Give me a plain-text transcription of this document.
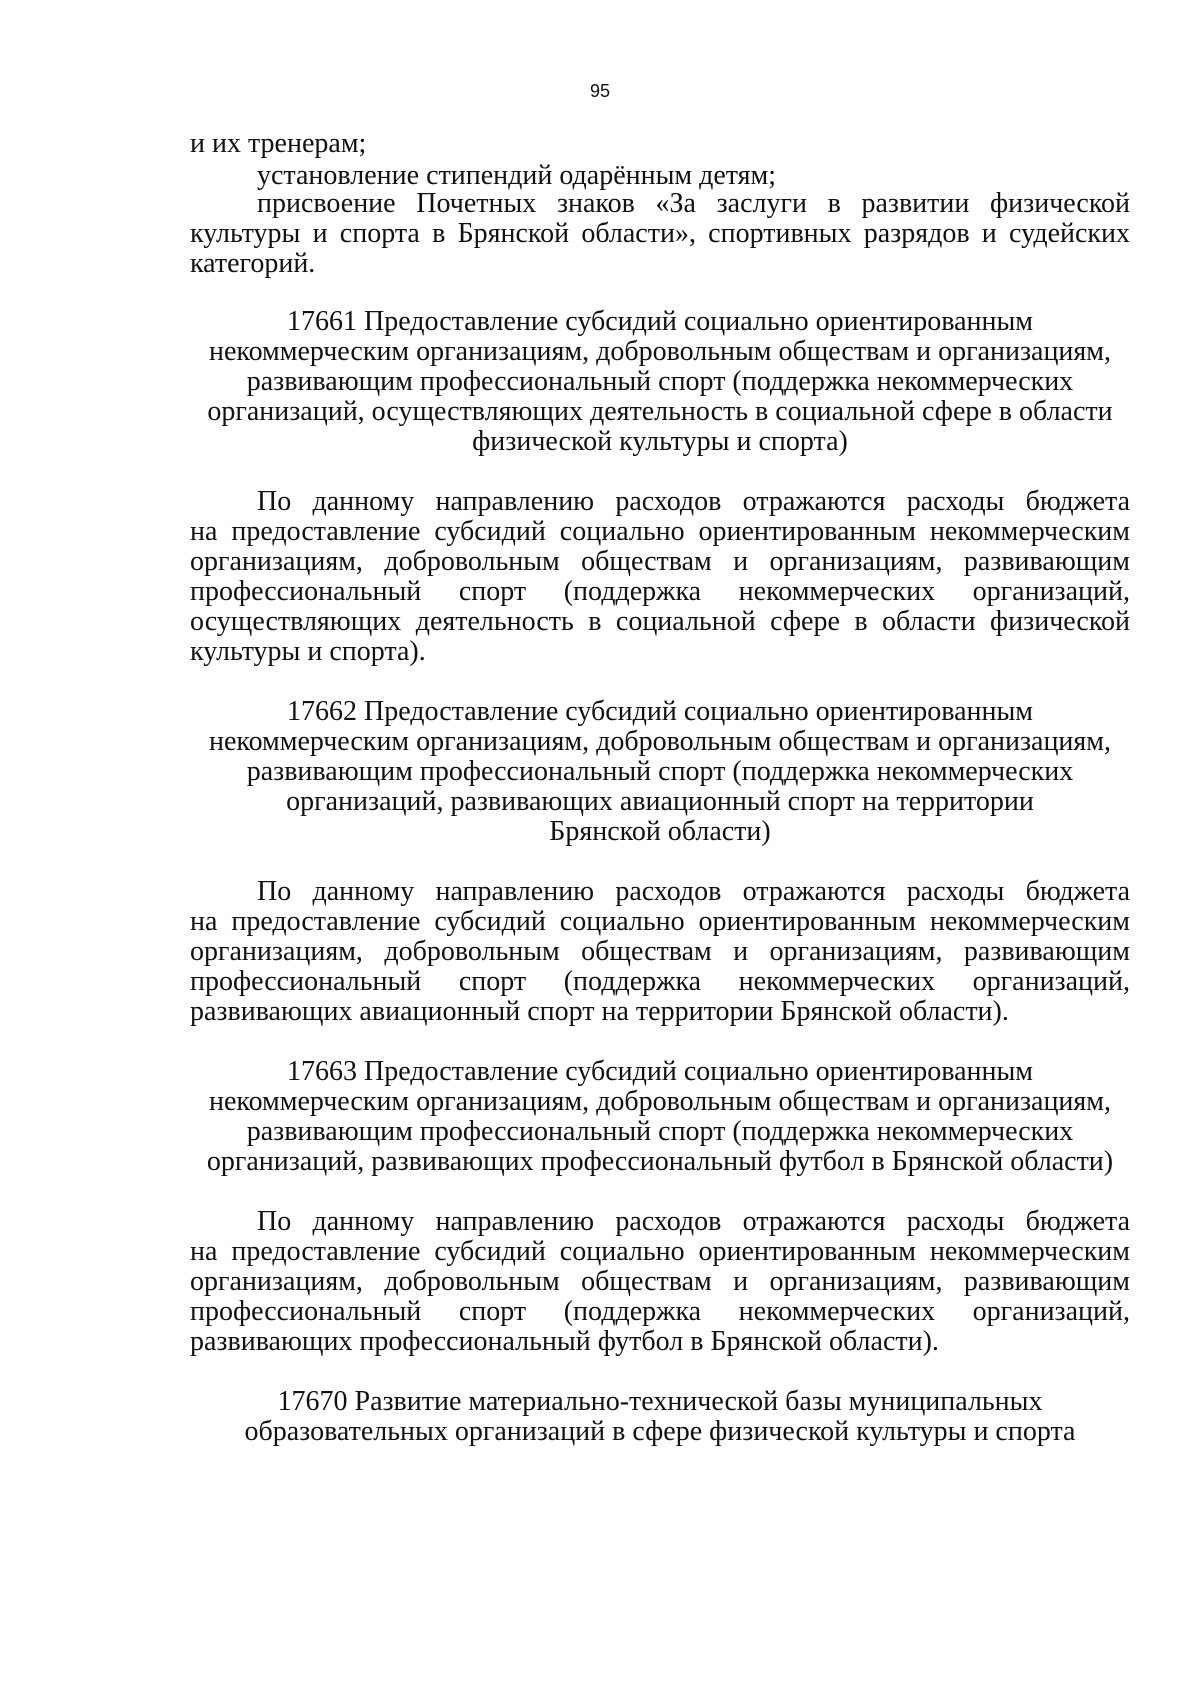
95
и их тренерам;
установление стипендий одарённым детям;
присвоение Почетных знаков «За заслуги в развитии физической
культуры и спорта в Брянской области», спортивных разрядов и судейских
категорий.
17661 Предоставление субсидий социально ориентированным
некоммерческим организациям, добровольным обществам и организациям,
развивающим профессиональный спорт (поддержка некоммерческих
организаций, осуществляющих деятельность в социальной сфере в области
физической культуры и спорта)
По данному направлению расходов отражаются расходы бюджета
на предоставление субсидий социально ориентированным некоммерческим
организациям, добровольным обществам и организациям, развивающим
профессиональный спорт (поддержка некоммерческих организаций,
осуществляющих деятельность в социальной сфере в области физической
культуры и спорта).
17662 Предоставление субсидий социально ориентированным
некоммерческим организациям, добровольным обществам и организациям,
развивающим профессиональный спорт (поддержка некоммерческих
организаций, развивающих авиационный спорт на территории
Брянской области)
По данному направлению расходов отражаются расходы бюджета
на предоставление субсидий социально ориентированным некоммерческим
организациям, добровольным обществам и организациям, развивающим
профессиональный спорт (поддержка некоммерческих организаций,
развивающих авиационный спорт на территории Брянской области).
17663 Предоставление субсидий социально ориентированным
некоммерческим организациям, добровольным обществам и организациям,
развивающим профессиональный спорт (поддержка некоммерческих
организаций, развивающих профессиональный футбол в Брянской области)
По данному направлению расходов отражаются расходы бюджета
на предоставление субсидий социально ориентированным некоммерческим
организациям, добровольным обществам и организациям, развивающим
профессиональный спорт (поддержка некоммерческих организаций,
развивающих профессиональный футбол в Брянской области).
17670 Развитие материально-технической базы муниципальных
образовательных организаций в сфере физической культуры и спорта
